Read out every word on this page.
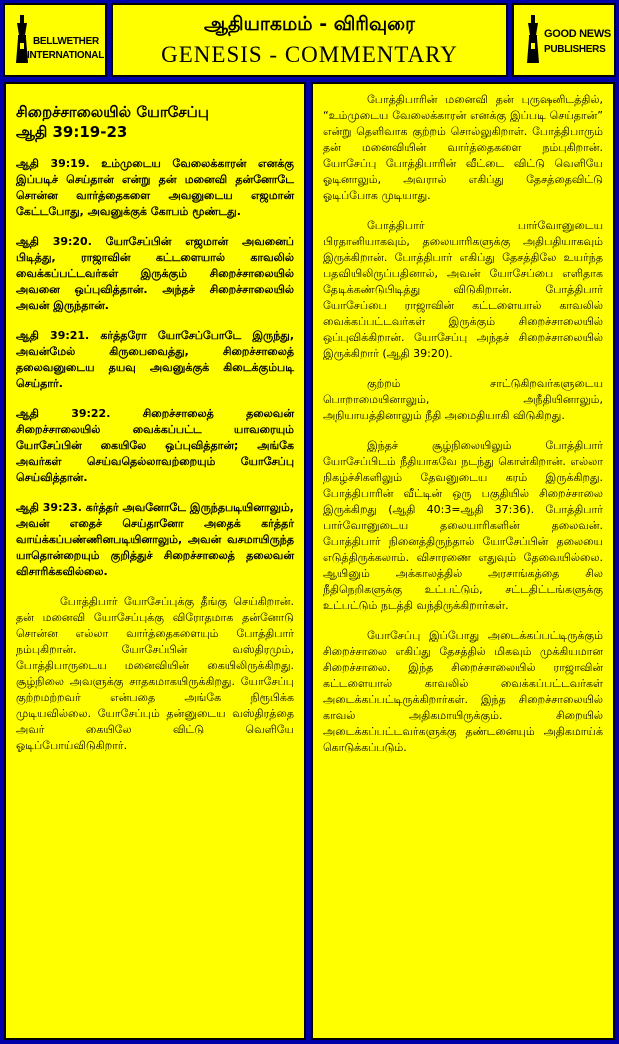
BELLWETHER
INTERNATIONAL
ஆதியாகமம் - விரிவுரை
GENESIS - COMMENTARY
GOOD NEWS
PUBLISHERS
சிறைச்சாலையில் யோசேப்பு
ஆதி 39:19-23
ஆதி 39:19. உம்முடைய வேலைக்காரன் எனக்கு இப்படிச் செய்தான் என்று தன் மனைவி தன்னோடே சொன்ன வார்த்தைகளை அவனுடைய எஜமான் கேட்டபோது, அவனுக்குக் கோபம் மூண்டது.
ஆதி 39:20. யோசேப்பின் எஜமான் அவனைப் பிடித்து, ராஜாவின் கட்டளையால் காவலில் வைக்கப்பட்டவர்கள் இருக்கும் சிறைச்சாலையில் அவனை ஒப்புவித்தான். அந்தச் சிறைச்சாலையில் அவன் இருந்தான்.
ஆதி 39:21. கர்த்தரோ யோசேப்போடே இருந்து, அவன்மேல் கிருபைவைத்து, சிறைச்சாலைத் தலைவனுடைய தயவு அவனுக்குக் கிடைக்கும்படி செய்தார்.
ஆதி 39:22. சிறைச்சாலைத் தலைவன் சிறைச்சாலையில் வைக்கப்பட்ட யாவரையும் யோசேப்பின் கையிலே ஒப்புவித்தான்; அங்கே அவர்கள் செய்வதெல்லாவற்றையும் யோசேப்பு செய்வித்தான்.
ஆதி 39:23. கர்த்தர் அவனோடே இருந்தபடியினாலும், அவன் எதைச் செய்தானோ அதைக் கர்த்தர் வாய்க்கப்பண்ணினபடியினாலும், அவன் வசமாயிருந்த யாதொன்றையும் குறித்துச் சிறைச்சாலைத் தலைவன் விசாரிக்கவில்லை.
போத்திபார் யோசேப்புக்கு தீங்கு செய்கிறான். தன் மனைவி யோசேப்புக்கு விரோதமாக தன்னோடு சொன்ன எல்லா வார்த்தைகளையும் போத்திபார் நம்புகிறான். யோசேப்பின் வஸ்திரமும், போத்திபாருடைய மனைவியின் கையிலிருக்கிறது. சூழ்நிலை அவளுக்கு சாதகமாகயிருக்கிறது. யோசேப்பு குற்றமற்றவர் என்பதை அங்கே நிரூபிக்க முடியவில்லை. யோசேப்பும் தன்னுடைய வஸ்திரத்தை அவர் கையிலே விட்டு வெளியே ஓடிப்போய்விடுகிறார்.
போத்திபாரின் மனைவி தன் புருஷனிடத்தில், “உம்முடைய வேலைக்காரன் எனக்கு இப்படி செய்தான்” என்று தெளிவாக குற்றம் சொல்லுகிறாள். போத்திபாரும் தன் மனைவியின் வார்த்தைகளை நம்புகிறான். யோசேப்பு போத்திபாரின் வீட்டை விட்டு வெளியே ஓடினாலும், அவரால் எகிப்து தேசத்தைவிட்டு ஓடிப்போக முடியாது.
போத்திபார் பார்வோனுடைய பிரதானியாகவும், தலையாரிகளுக்கு அதிபதியாகவும் இருக்கிறான். போத்திபார் எகிப்து தேசத்திலே உயர்ந்த பதவியிலிருப்பதினால், அவன் யோசேப்பை எளிதாக தேடிக்கண்டுபிடித்து விடுகிறான். போத்திபார் யோசேப்பை ராஜாவின் கட்டளையால் காவலில் வைக்கப்பட்டவர்கள் இருக்கும் சிறைச்சாலையில் ஒப்புவிக்கிறான். யோசேப்பு அந்தச் சிறைச்சாலையில் இருக்கிறார் (ஆதி 39:20).
குற்றம் சாட்டுகிறவர்களுடைய பொறாமையினாலும், அநீதியினாலும், அநியாயத்தினாலும் நீதி அமைதியாகி விடுகிறது.
இந்தச் சூழ்நிலையிலும் போத்திபார் யோசேப்பிடம் நீதியாகவே நடந்து கொள்கிறான். எல்லா நிகழ்ச்சிகளிலும் தேவனுடைய கரம் இருக்கிறது. போத்திபாரின் வீட்டின் ஒரு பகுதியில் சிறைச்சாலை இருக்கிறது (ஆதி 40:3=ஆதி 37:36). போத்திபார் பார்வோனுடைய தலையாரிகளின் தலைவன். போத்திபார் நினைத்திருந்தால் யோசேப்பின் தலையை எடுத்திருக்கலாம். விசாரணை எதுவும் தேவையில்லை. ஆயினும் அக்காலத்தில் அரசாங்கத்தை சில நீதிநெறிகளுக்கு உட்பட்டும், சட்டதிட்டங்களுக்கு உட்பட்டும் நடத்தி வந்திருக்கிறார்கள்.
யோசேப்பு இப்போது அடைக்கப்பட்டிருக்கும் சிறைச்சாலை எகிப்து தேசத்தில் மிகவும் முக்கியமான சிறைச்சாலை. இந்த சிறைச்சாலையில் ராஜாவின் கட்டளையால் காவலில் வைக்கப்பட்டவர்கள் அடைக்கப்பட்டிருக்கிறார்கள். இந்த சிறைச்சாலையில் காவல் அதிகமாயிருக்கும். சிறையில் அடைக்கப்பட்டவர்களுக்கு தண்டனையும் அதிகமாய்க் கொடுக்கப்படும்.
